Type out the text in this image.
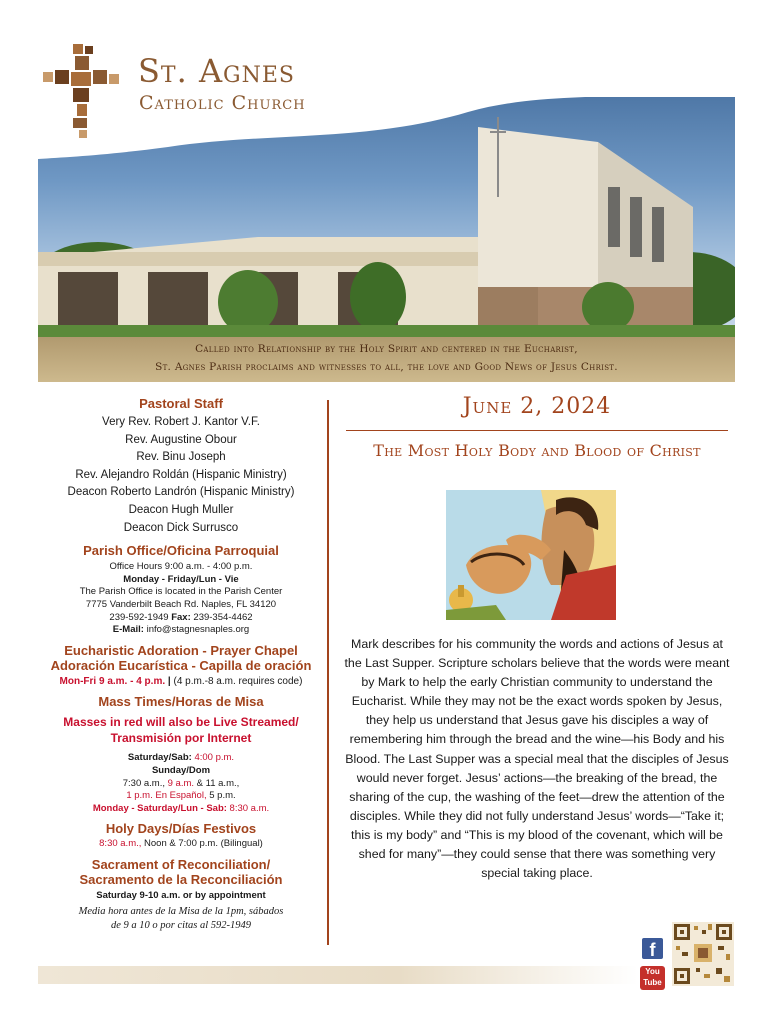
St. Agnes
Catholic Church
Called into Relationship by the Holy Spirit and centered in the Eucharist,
St. Agnes Parish proclaims and witnesses to all, the love and Good News of Jesus Christ.

Pastoral Staff

Very Rev. Robert J. Kantor V.F.

Rev. Augustine Obour

Rev. Binu Joseph

Rev. Alejandro Roldán (Hispanic Ministry)

Deacon Roberto Landrón (Hispanic Ministry)

Deacon Hugh Muller

Deacon Dick Surrusco

Parish Office/Oficina Parroquial

Office Hours 9:00 a.m. - 4:00 p.m.

Monday - Friday/Lun - Vie

The Parish Office is located in the Parish Center

7775 Vanderbilt Beach Rd. Naples, FL 34120

239-592-1949 Fax: 239-354-4462

E-Mail: info@stagnesnaples.org

Eucharistic Adoration - Prayer Chapel

Adoración Eucarística - Capilla de oración

Mon-Fri 9 a.m. - 4 p.m. | (4 p.m.-8 a.m. requires code)

Mass Times/Horas de Misa

Masses in red will also be Live Streamed/ Transmisión por Internet

Saturday/Sab: 4:00 p.m.

Sunday/Dom

7:30 a.m., 9 a.m. & 11 a.m.,

1 p.m. En Español, 5 p.m.

Monday - Saturday/Lun - Sab: 8:30 a.m.

Holy Days/Días Festivos

8:30 a.m., Noon & 7:00 p.m. (Bilingual)

Sacrament of Reconciliation/

Sacramento de la Reconciliación

Saturday 9-10 a.m. or by appointment

Media hora antes de la Misa de la 1pm, sábados

de 9 a 10 o por citas al 592-1949

June 2, 2024
The Most Holy Body and Blood of Christ

Mark describes for his community the words and actions of Jesus at the Last Supper. Scripture scholars believe that the words were meant by Mark to help the early Christian community to understand the Eucharist. While they may not be the exact words spoken by Jesus, they help us understand that Jesus gave his disciples a way of remembering him through the bread and the wine—his Body and his Blood. The Last Supper was a special meal that the disciples of Jesus would never forget. Jesus’ actions—the breaking of the bread, the sharing of the cup, the washing of the feet—drew the attention of the disciples. While they did not fully understand Jesus’ words—“Take it; this is my body” and “This is my blood of the covenant, which will be shed for many”—they could sense that there was something very special taking place.

f
You
Tube
